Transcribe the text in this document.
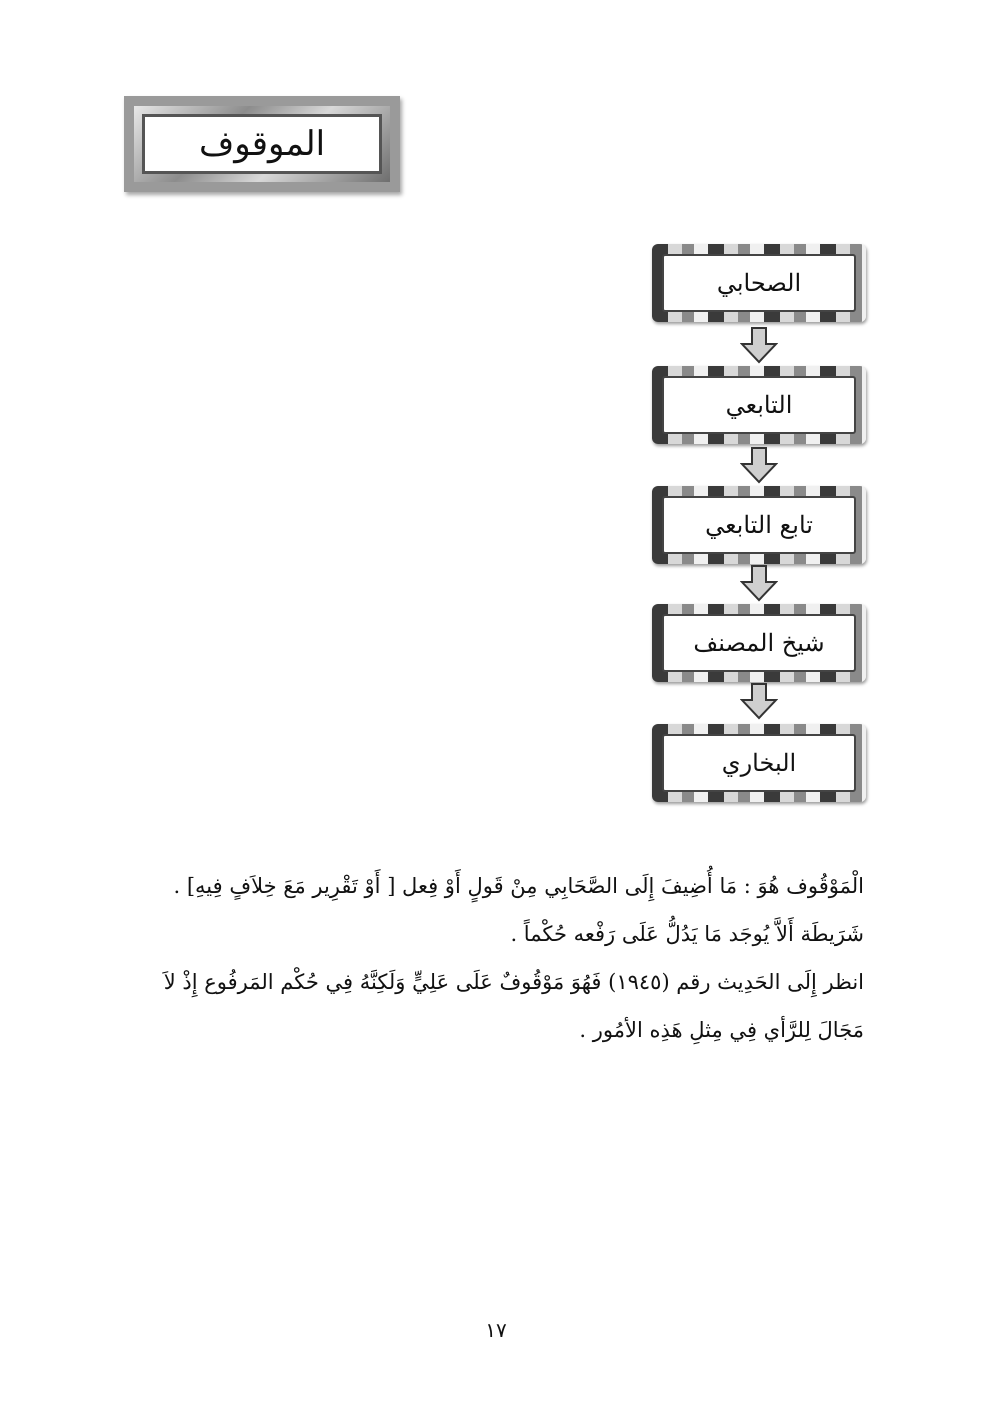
الموقوف
الصحابي
التابعي
تابع التابعي
شيخ المصنف
البخاري

الْمَوْقُوف هُوَ : مَا أُضِيفَ إِلَى الصَّحَابِي مِنْ قَولٍ أَوْ فِعل [ أَوْ تَقْرِير مَعَ خِلاَفٍ فِيهِ] .

شَرَيطَة أَلاَّ يُوجَد مَا يَدُلُّ عَلَى رَفْعه حُكْماً .

انظر إِلَى الحَدِيث رقم (١٩٤٥) فَهُوَ مَوْقُوفٌ عَلَى عَلِيٍّ وَلَكِنَّهُ فِي حُكْم المَرفُوع إِذْ لاَ

مَجَالَ لِلرَّأي فِي مِثلِ هَذِه الأمُور .

١٧
